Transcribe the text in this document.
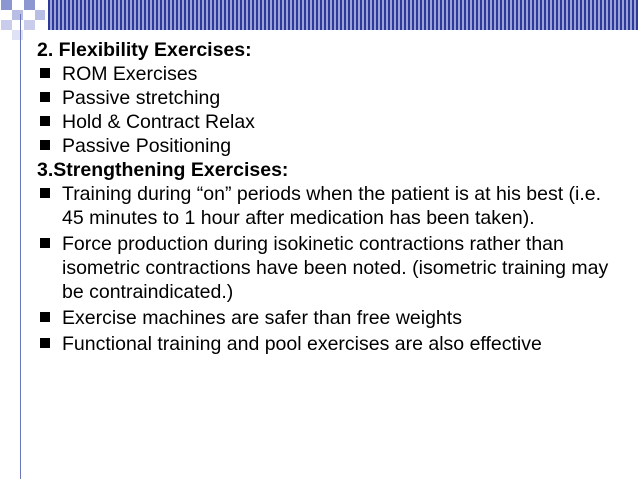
2. Flexibility Exercises:

ROM Exercises
Passive stretching
Hold & Contract Relax
Passive Positioning

3.Strengthening Exercises:

Training during “on” periods when the patient is at his best (i.e. 45 minutes to 1 hour after medication has been taken).
Force production during isokinetic contractions rather than isometric contractions have been noted. (isometric training may be contraindicated.)
Exercise machines are safer than free weights
Functional training and pool exercises are also effective
